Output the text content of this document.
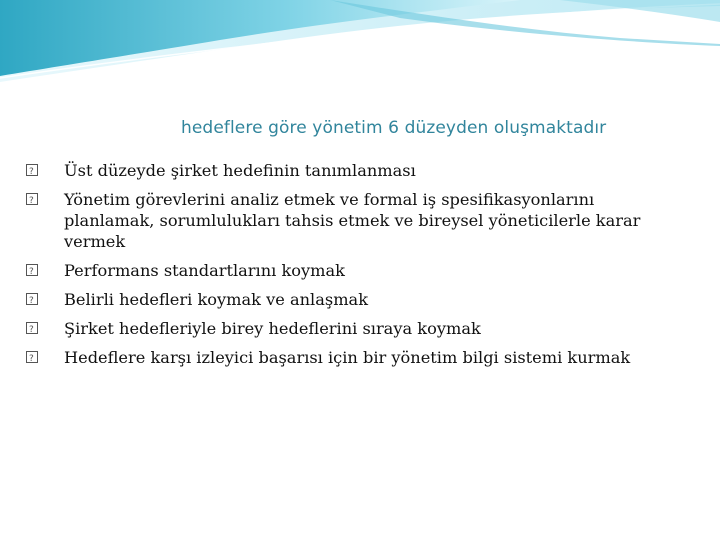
hedeflere göre yönetim 6 düzeyden oluşmaktadır
?
Üst düzeyde şirket hedefinin tanımlanması
?
Yönetim görevlerini analiz etmek ve formal iş spesifikasyonlarını planlamak, sorumlulukları tahsis etmek ve bireysel yöneticilerle karar vermek
?
Performans standartlarını koymak
?
Belirli hedefleri koymak ve anlaşmak
?
Şirket hedefleriyle birey hedeflerini sıraya koymak
?
Hedeflere karşı izleyici başarısı için bir yönetim bilgi sistemi kurmak
